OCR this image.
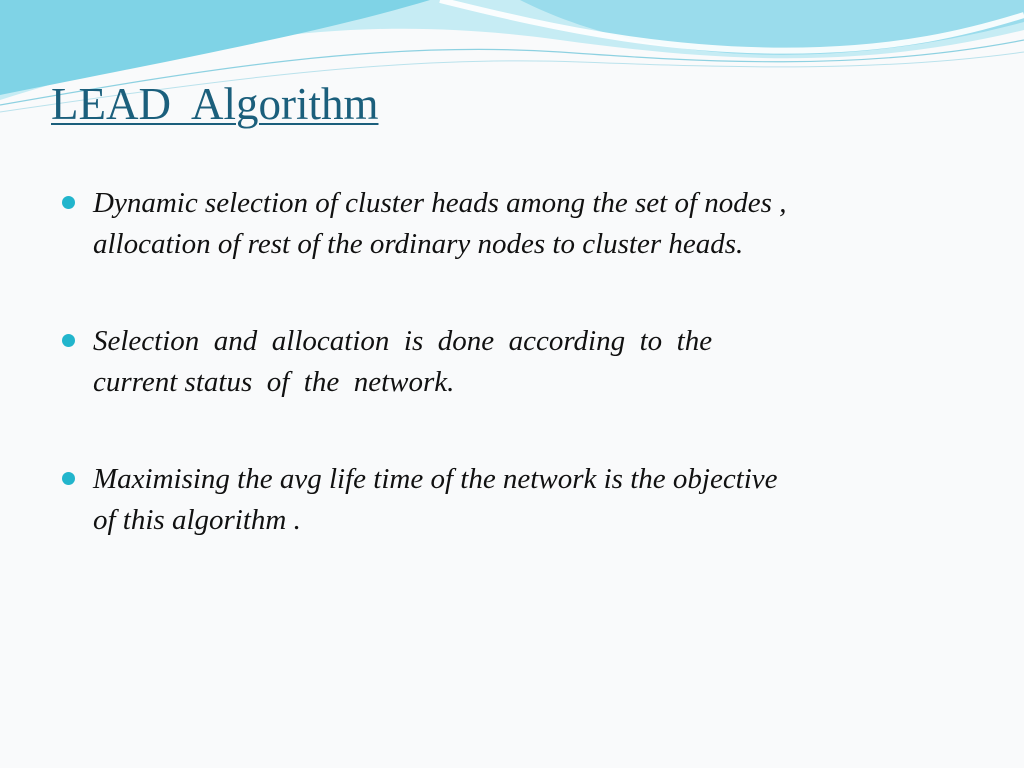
LEAD  Algorithm
Dynamic selection of cluster heads among the set of nodes ,
allocation of rest of the ordinary nodes to cluster heads.
Selection  and  allocation  is  done  according  to  the
current status  of  the  network.
Maximising the avg life time of the network is the objective
of this algorithm .
